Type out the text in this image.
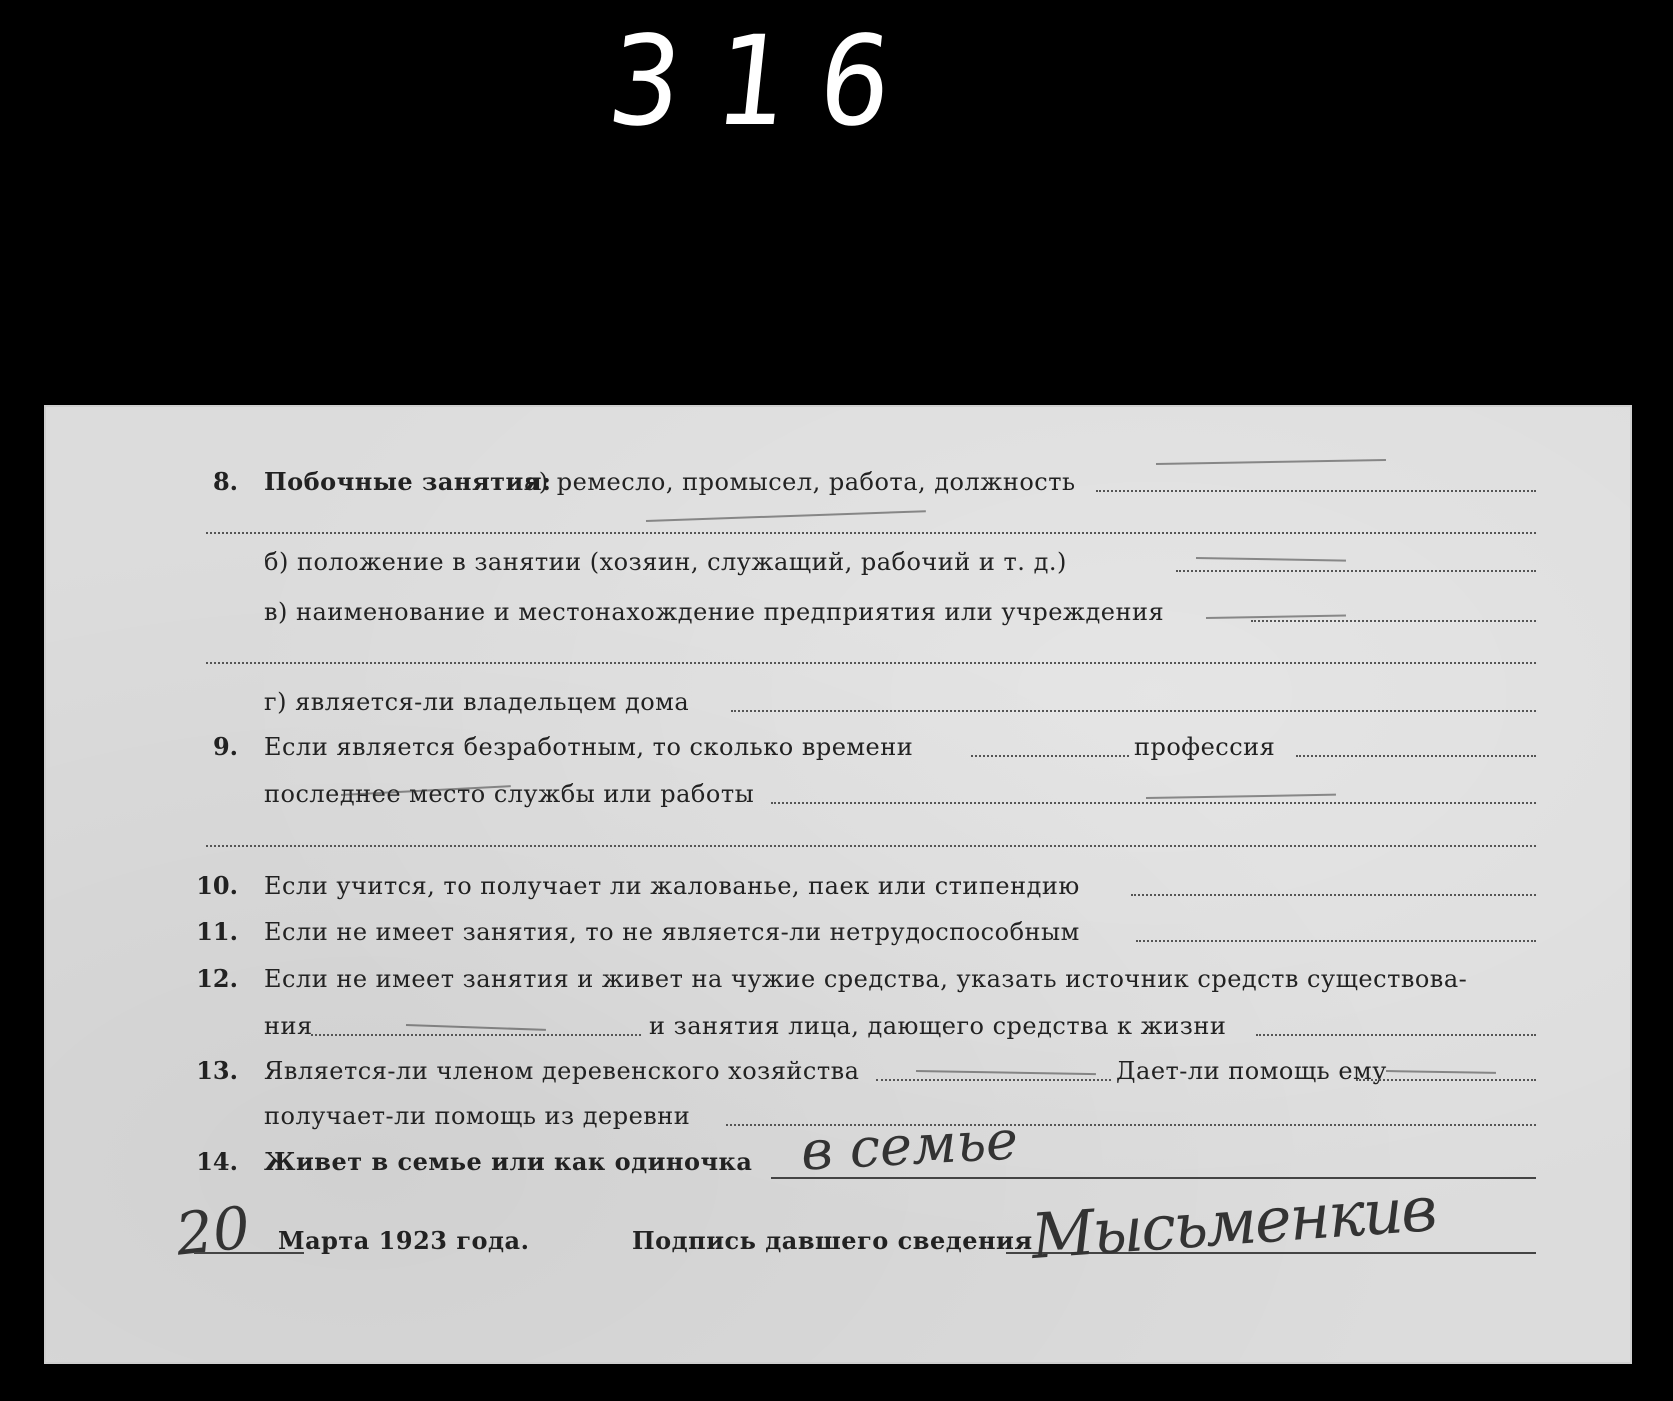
316
8. Побочные занятия:
а) ремесло, промысел, работа, должность
б) положение в занятии (хозяин, служащий, рабочий и т. д.)
в) наименование и местонахождение предприятия или учреждения
г) является-ли владельцем дома
9. Если является безработным, то сколько времени	профессия
последнее место службы или работы
10. Если учится, то получает ли жалованье, паек или стипендию
11. Если не имеет занятия, то не является-ли нетрудоспособным
12. Если не имеет занятия и живет на чужие средства, указать источник средств существова-
ния	и занятия лица, дающего средства к жизни
13. Является-ли членом деревенского хозяйства	Дает-ли помощь ему
получает-ли помощь из деревни
14. Живет в семье или как одиночка в семье
20 Марта 1923 года.	Подпись давшего сведения
Мысьменкив
